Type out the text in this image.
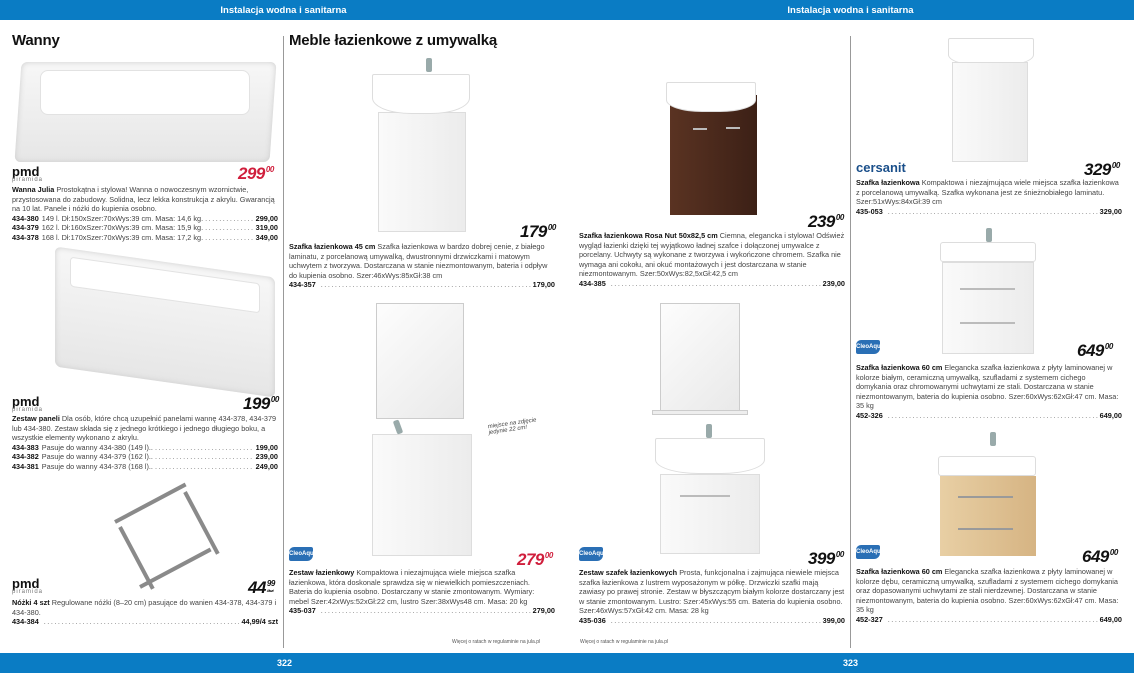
Instalacja wodna i sanitarna	Instalacja wodna i sanitarna
Wanny	Meble łazienkowe z umywalką
pmd
piramida	$299^{00}$
Wanna Julia Prostokątna i stylowa! Wanna o nowoczesnym wzornictwie, przystosowana do zabudowy. Solidna, lecz lekka konstrukcja z akrylu. Gwarancją na 10 lat. Panele i nóżki do kupienia osobno.
434-380 149 l. Dł:150xSzer:70xWys:39 cm. Masa: 14,6 kg. .....	299,00
434-379 162 l. Dł:160xSzer:70xWys:39 cm. Masa: 15,9 kg. .....	319,00
434-378 168 l. Dł:170xSzer:70xWys:39 cm. Masa: 17,2 kg. .....	349,00
pmd
piramida	$199^{00}$
Zestaw paneli Dla osób, które chcą uzupełnić panelami wannę 434-378, 434-379 lub 434-380. Zestaw składa się z jednego krótkiego i jednego długiego boku, a wszystkie elementy wykonano z akrylu.
434-383 Pasuje do wanny 434-380 (149 l).. .....	199,00
434-382 Pasuje do wanny 434-379 (162 l).. .....	239,00
434-381 Pasuje do wanny 434-378 (168 l).. .....	249,00
pmd
piramida	$44^{99/4szt}$
Nóżki 4 szt Regulowane nóżki (8–20 cm) pasujące do wanien 434-378, 434-379 i 434-380.
434-384 .....	44,99/4 szt
$179^{00}$
Szafka łazienkowa 45 cm Szafka łazienkowa w bardzo dobrej cenie, z białego laminatu, z porcelanową umywalką, dwustronnymi drzwiczkami i matowym uchwytem z tworzywa. Dostarczana w stanie niezmontowanym, bateria i odpływ do kupienia osobno. Szer:46xWys:85xGł:38 cm
434-357 .....	179,00
miejsce na zdjęcie jedynie 22 cm!
CleoAqua	$279^{00}$
Zestaw łazienkowy Kompaktowa i niezajmująca wiele miejsca szafka łazienkowa, która doskonale sprawdza się w niewielkich pomieszczeniach. Bateria do kupienia osobno. Dostarczany w stanie zmontowanym. Wymiary: mebel Szer:42xWys:52xGł:22 cm, lustro Szer:38xWys48 cm. Masa: 20 kg
435-037 .....	279,00
Więcej o ratach w regulaminie na jula.pl
$239^{00}$
Szafka łazienkowa Rosa Nut 50x82,5 cm Ciemna, elegancka i stylowa! Odśwież wygląd łazienki dzięki tej wyjątkowo ładnej szafce i dołączonej umywalce z porcelany. Uchwyty są wykonane z tworzywa i wykończone chromem. Szafka nie wymaga ani cokołu, ani okuć montażowych i jest dostarczana w stanie niezmontowanym. Szer:50xWys:82,5xGł:42,5 cm
434-385 .....	239,00
CleoAqua	$399^{00}$
Zestaw szafek łazienkowych Prosta, funkcjonalna i zajmująca niewiele miejsca szafka łazienkowa z lustrem wyposażonym w półkę. Drzwiczki szafki mają zawiasy po prawej stronie. Zestaw w błyszczącym białym kolorze dostarczany jest w stanie zmontowanym. Lustro: Szer:45xWys:55 cm. Bateria do kupienia osobno. Szer:46xWys:57xGł:42 cm. Masa: 28 kg
435-036 .....	399,00
Więcej o ratach w regulaminie na jula.pl
cersanit	$329^{00}$
Szafka łazienkowa Kompaktowa i niezajmująca wiele miejsca szafka łazienkowa z porcelanową umywalką. Szafka wykonana jest ze śnieżnobiałego laminatu. Szer:51xWys:84xGł:39 cm
435-053 .....	329,00
CleoAqua	$649^{00}$
Szafka łazienkowa 60 cm Elegancka szafka łazienkowa z płyty laminowanej w kolorze białym, ceramiczną umywalką, szufladami z systemem cichego domykania oraz chromowanymi uchwytami ze stali. Dostarczana w stanie niezmontowanym, bateria do kupienia osobno. Szer:60xWys:62xGł:47 cm. Masa: 35 kg
452-326 .....	649,00
CleoAqua	$649^{00}$
Szafka łazienkowa 60 cm Elegancka szafka łazienkowa z płyty laminowanej w kolorze dębu, ceramiczną umywalką, szufladami z systemem cichego domykania oraz dopasowanymi uchwytami ze stali nierdzewnej. Dostarczana w stanie niezmontowanym, bateria do kupienia osobno. Szer:60xWys:62xGł:47 cm. Masa: 35 kg
452-327 .....	649,00
322	323
